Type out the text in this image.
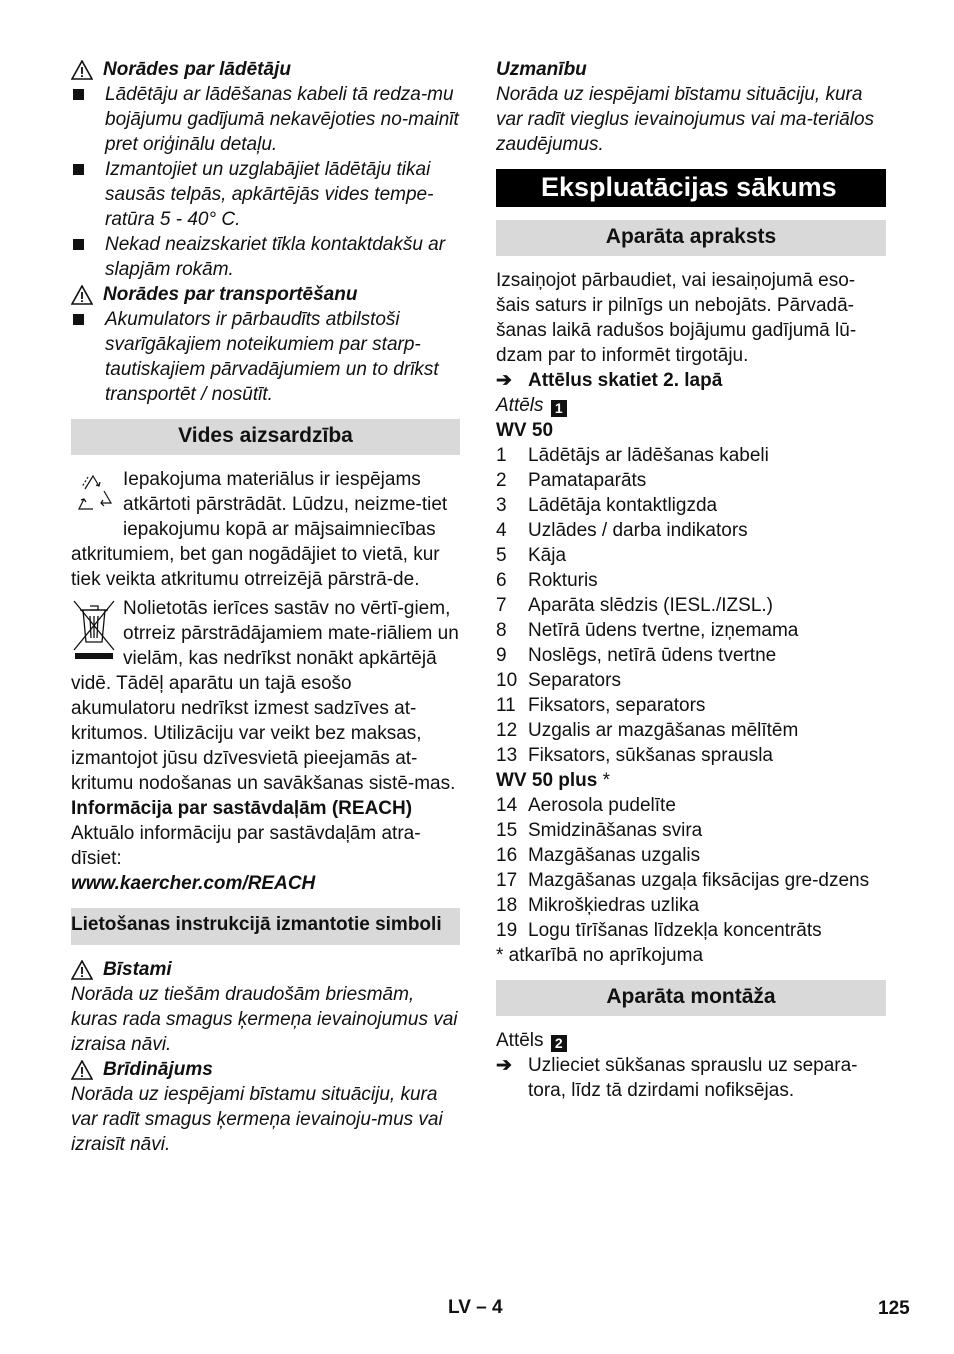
Norādes par lādētāju
Lādētāju ar lādēšanas kabeli tā redza-mu bojājumu gadījumā nekavējoties no-mainīt pret oriģinālu detaļu.
Izmantojiet un uzglabājiet lādētāju tikai sausās telpās, apkārtējās vides tempe-ratūra 5 - 40° C.
Nekad neaizskariet tīkla kontaktdakšu ar slapjām rokām.
Norādes par transportēšanu
Akumulators ir pārbaudīts atbilstoši svarīgākajiem noteikumiem par starp-tautiskajiem pārvadājumiem un to drīkst transportēt / nosūtīt.
Vides aizsardzība
Iepakojuma materiālus ir iespējams atkārtoti pārstrādāt. Lūdzu, neizme-tiet iepakojumu kopā ar mājsaimniecības atkritumiem, bet gan nogādājiet to vietā, kur tiek veikta atkritumu otrreizējā pārstrā-de.
Nolietotās ierīces sastāv no vērtī-giem, otrreiz pārstrādājamiem mate-riāliem un vielām, kas nedrīkst nonākt apkārtējā vidē. Tādēļ aparātu un tajā esošo akumulatoru nedrīkst izmest sadzīves at-kritumos. Utilizāciju var veikt bez maksas, izmantojot jūsu dzīvesvietā pieejamās at-kritumu nodošanas un savākšanas sistē-mas.

Informācija par sastāvdaļām (REACH)

Aktuālo informāciju par sastāvdaļām atra-dīsiet:

www.kaercher.com/REACH

Lietošanas instrukcijā izmantotie simboli
Bīstami

Norāda uz tiešām draudošām briesmām, kuras rada smagus ķermeņa ievainojumus vai izraisa nāvi.

Brīdinājums

Norāda uz iespējami bīstamu situāciju, kura var radīt smagus ķermeņa ievainoju-mus vai izraisīt nāvi.

Uzmanību

Norāda uz iespējami bīstamu situāciju, kura var radīt vieglus ievainojumus vai ma-teriālos zaudējumus.

Ekspluatācijas sākums
Aparāta apraksts

Izsaiņojot pārbaudiet, vai iesaiņojumā eso-šais saturs ir pilnīgs un nebojāts. Pārvadā-šanas laikā radušos bojājumu gadījumā lū-dzam par to informēt tirgotāju.

➔ Attēlus skatiet 2. lapā

Attēls 1

WV 50

1	Lādētājs ar lādēšanas kabeli
2	Pamataparāts
3	Lādētāja kontaktligzda
4	Uzlādes / darba indikators
5	Kāja
6	Rokturis
7	Aparāta slēdzis (IESL./IZSL.)
8	Netīrā ūdens tvertne, izņemama
9	Noslēgs, netīrā ūdens tvertne
10 Separators
11 Fiksators, separators
12 Uzgalis ar mazgāšanas mēlītēm
13 Fiksators, sūkšanas sprausla

WV 50 plus *

14 Aerosola pudelīte
15 Smidzināšanas svira
16 Mazgāšanas uzgalis
17 Mazgāšanas uzgaļa fiksācijas gre-dzens
18 Mikrošķiedras uzlika
19 Logu tīrīšanas līdzekļa koncentrāts

* atkarībā no aprīkojuma

Aparāta montāža

Attēls 2

➔ Uzlieciet sūkšanas sprauslu uz separa-tora, līdz tā dzirdami nofiksējas.
LV – 4	125
